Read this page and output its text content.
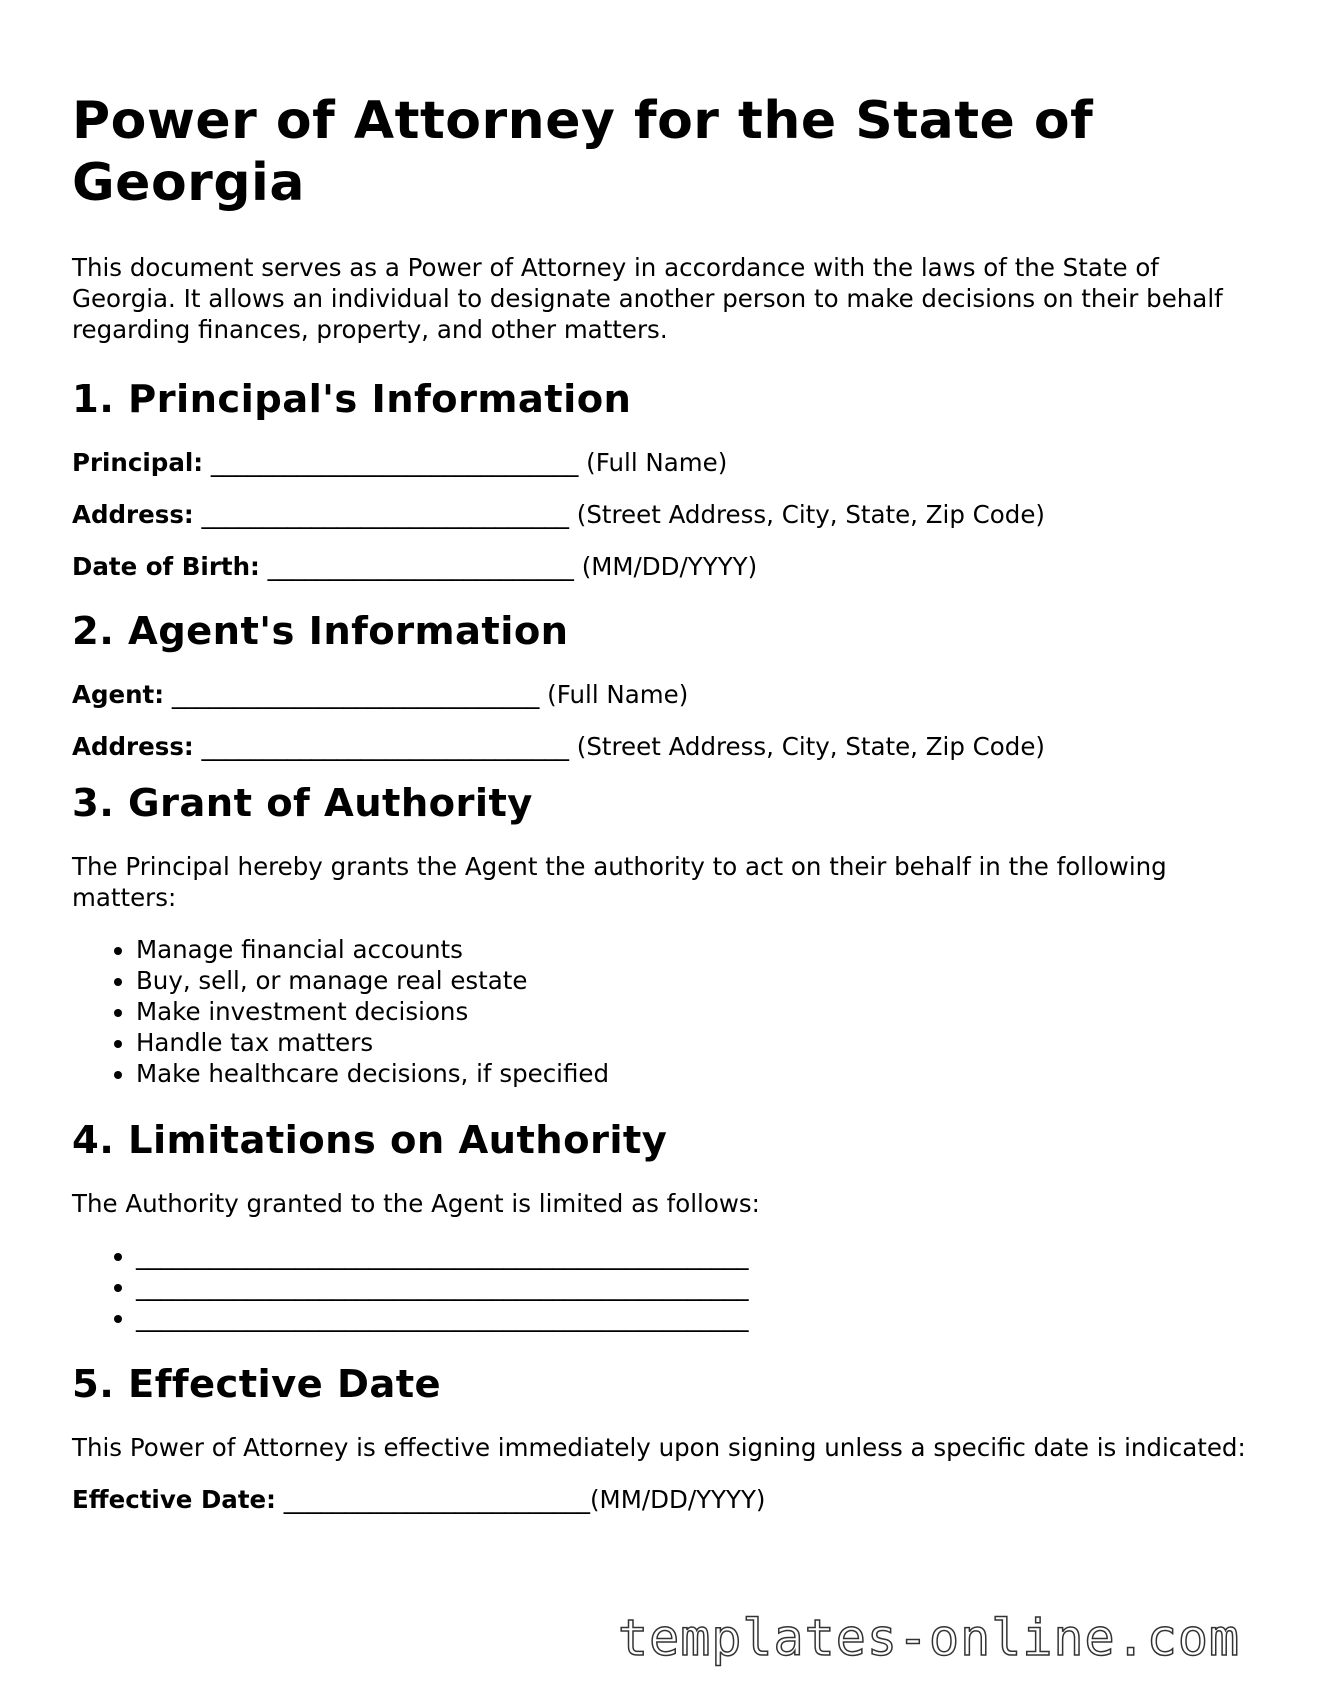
Power of Attorney for the State of Georgia

This document serves as a Power of Attorney in accordance with the laws of the State of Georgia. It allows an individual to designate another person to make decisions on their behalf regarding finances, property, and other matters.

1. Principal's Information

Principal: ______________________________ (Full Name)

Address: ______________________________ (Street Address, City, State, Zip Code)

Date of Birth: _________________________ (MM/DD/YYYY)

2. Agent's Information

Agent: ______________________________ (Full Name)

Address: ______________________________ (Street Address, City, State, Zip Code)

3. Grant of Authority

The Principal hereby grants the Agent the authority to act on their behalf in the following matters:

• Manage financial accounts
• Buy, sell, or manage real estate
• Make investment decisions
• Handle tax matters
• Make healthcare decisions, if specified
4. Limitations on Authority

The Authority granted to the Agent is limited as follows:

• __________________________________________________
• __________________________________________________
• __________________________________________________
5. Effective Date

This Power of Attorney is effective immediately upon signing unless a specific date is indicated:

Effective Date: _________________________(MM/DD/YYYY)

templates-online.com
